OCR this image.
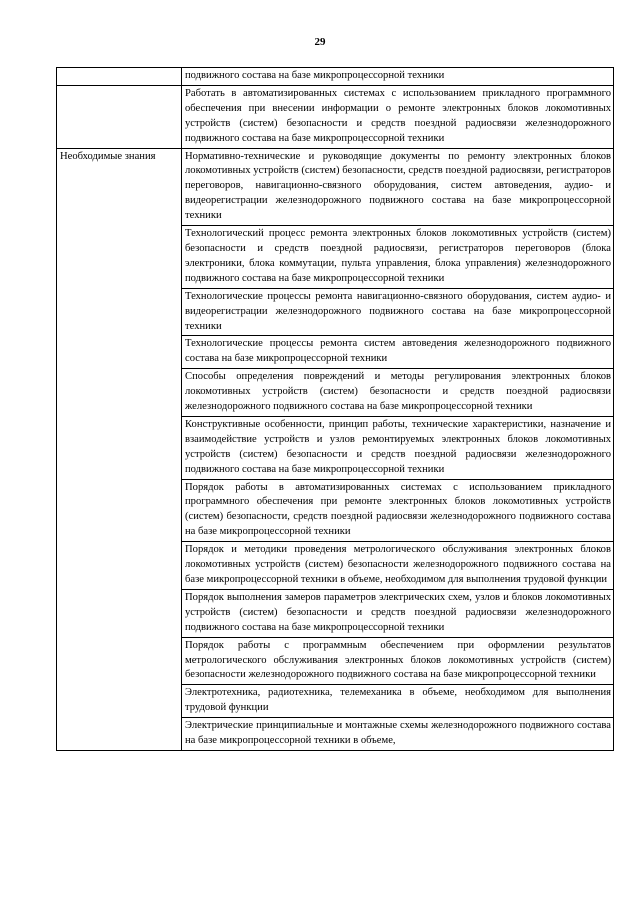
29
	подвижного состава на базе микропроцессорной техники
	Работать в автоматизированных системах с использованием прикладного программного обеспечения при внесении информации о ремонте электронных блоков локомотивных устройств (систем) безопасности и средств поездной радиосвязи железнодорожного подвижного состава на базе микропроцессорной техники
Необходимые знания	Нормативно-технические и руководящие документы по ремонту электронных блоков локомотивных устройств (систем) безопасности, средств поездной радиосвязи, регистраторов переговоров, навигационно-связного оборудования, систем автоведения, аудио- и видеорегистрации железнодорожного подвижного состава на базе микропроцессорной техники
	Технологический процесс ремонта электронных блоков локомотивных устройств (систем) безопасности и средств поездной радиосвязи, регистраторов переговоров (блока электроники, блока коммутации, пульта управления, блока управления) железнодорожного подвижного состава на базе микропроцессорной техники
	Технологические процессы ремонта навигационно-связного оборудования, систем аудио- и видеорегистрации железнодорожного подвижного состава на базе микропроцессорной техники
	Технологические процессы ремонта систем автоведения железнодорожного подвижного состава на базе микропроцессорной техники
	Способы определения повреждений и методы регулирования электронных блоков локомотивных устройств (систем) безопасности и средств поездной радиосвязи железнодорожного подвижного состава на базе микропроцессорной техники
	Конструктивные особенности, принцип работы, технические характеристики, назначение и взаимодействие устройств и узлов ремонтируемых электронных блоков локомотивных устройств (систем) безопасности и средств поездной радиосвязи железнодорожного подвижного состава на базе микропроцессорной техники
	Порядок работы в автоматизированных системах с использованием прикладного программного обеспечения при ремонте электронных блоков локомотивных устройств (систем) безопасности, средств поездной радиосвязи железнодорожного подвижного состава на базе микропроцессорной техники
	Порядок и методики проведения метрологического обслуживания электронных блоков локомотивных устройств (систем) безопасности железнодорожного подвижного состава на базе микропроцессорной техники в объеме, необходимом для выполнения трудовой функции
	Порядок выполнения замеров параметров электрических схем, узлов и блоков локомотивных устройств (систем) безопасности и средств поездной радиосвязи железнодорожного подвижного состава на базе микропроцессорной техники
	Порядок работы с программным обеспечением при оформлении результатов метрологического обслуживания электронных блоков локомотивных устройств (систем) безопасности железнодорожного подвижного состава на базе микропроцессорной техники
	Электротехника, радиотехника, телемеханика в объеме, необходимом для выполнения трудовой функции
	Электрические принципиальные и монтажные схемы железнодорожного подвижного состава на базе микропроцессорной техники в объеме,
